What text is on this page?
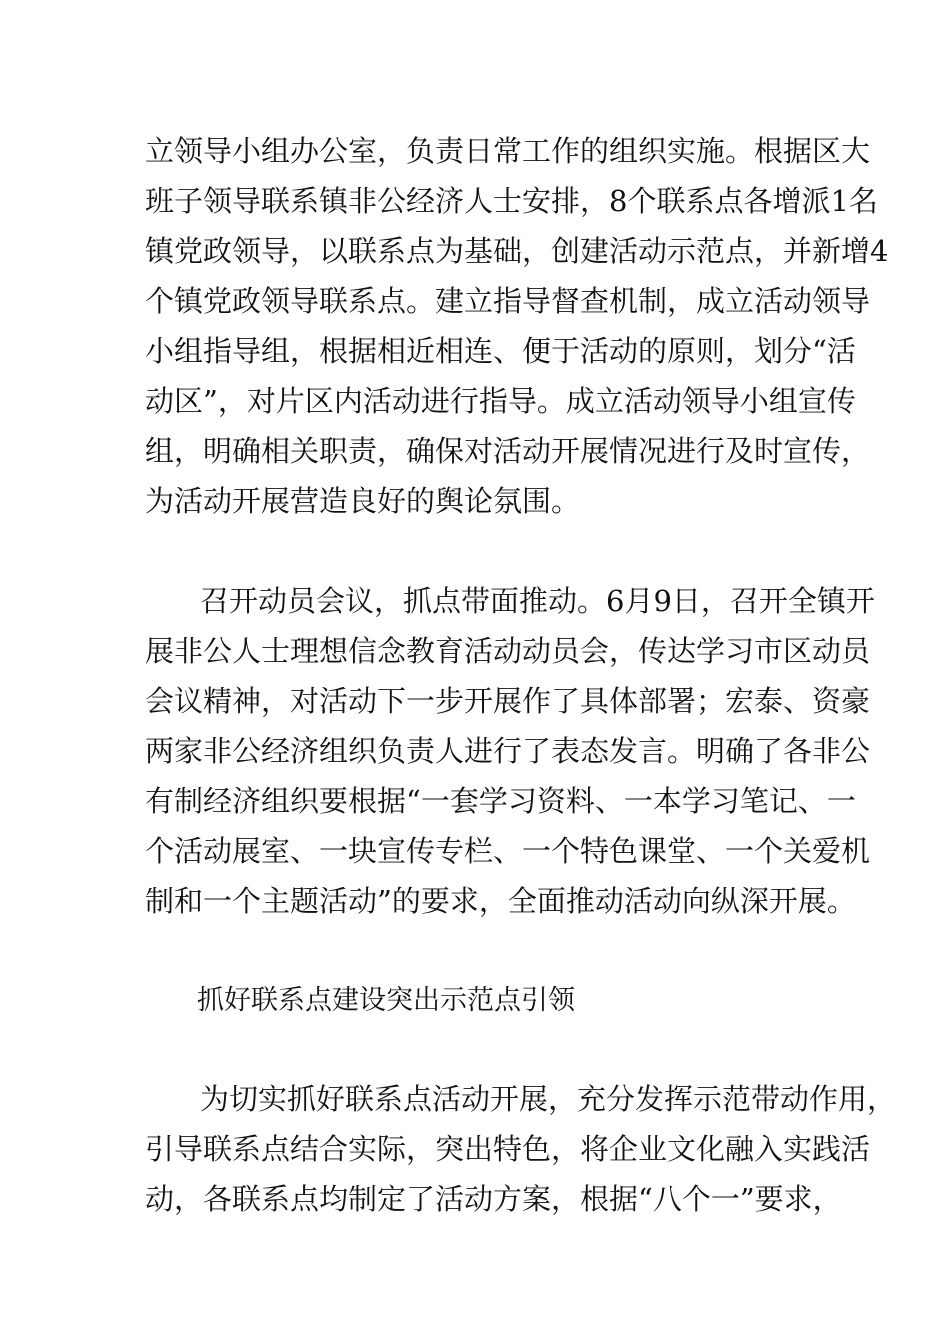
立领导小组办公室，负责日常工作的组织实施。根据区大
班子领导联系镇非公经济人士安排，8个联系点各增派1名
镇党政领导，以联系点为基础，创建活动示范点，并新增4
个镇党政领导联系点。建立指导督查机制，成立活动领导
小组指导组，根据相近相连、便于活动的原则，划分“活
动区”，对片区内活动进行指导。成立活动领导小组宣传
组，明确相关职责，确保对活动开展情况进行及时宣传，
为活动开展营造良好的舆论氛围。
召开动员会议，抓点带面推动。6月9日，召开全镇开
展非公人士理想信念教育活动动员会，传达学习市区动员
会议精神，对活动下一步开展作了具体部署；宏泰、资豪
两家非公经济组织负责人进行了表态发言。明确了各非公
有制经济组织要根据“一套学习资料、一本学习笔记、一
个活动展室、一块宣传专栏、一个特色课堂、一个关爱机
制和一个主题活动”的要求，全面推动活动向纵深开展。
抓好联系点建设突出示范点引领
为切实抓好联系点活动开展，充分发挥示范带动作用，
引导联系点结合实际，突出特色，将企业文化融入实践活
动，各联系点均制定了活动方案，根据“八个一”要求，
